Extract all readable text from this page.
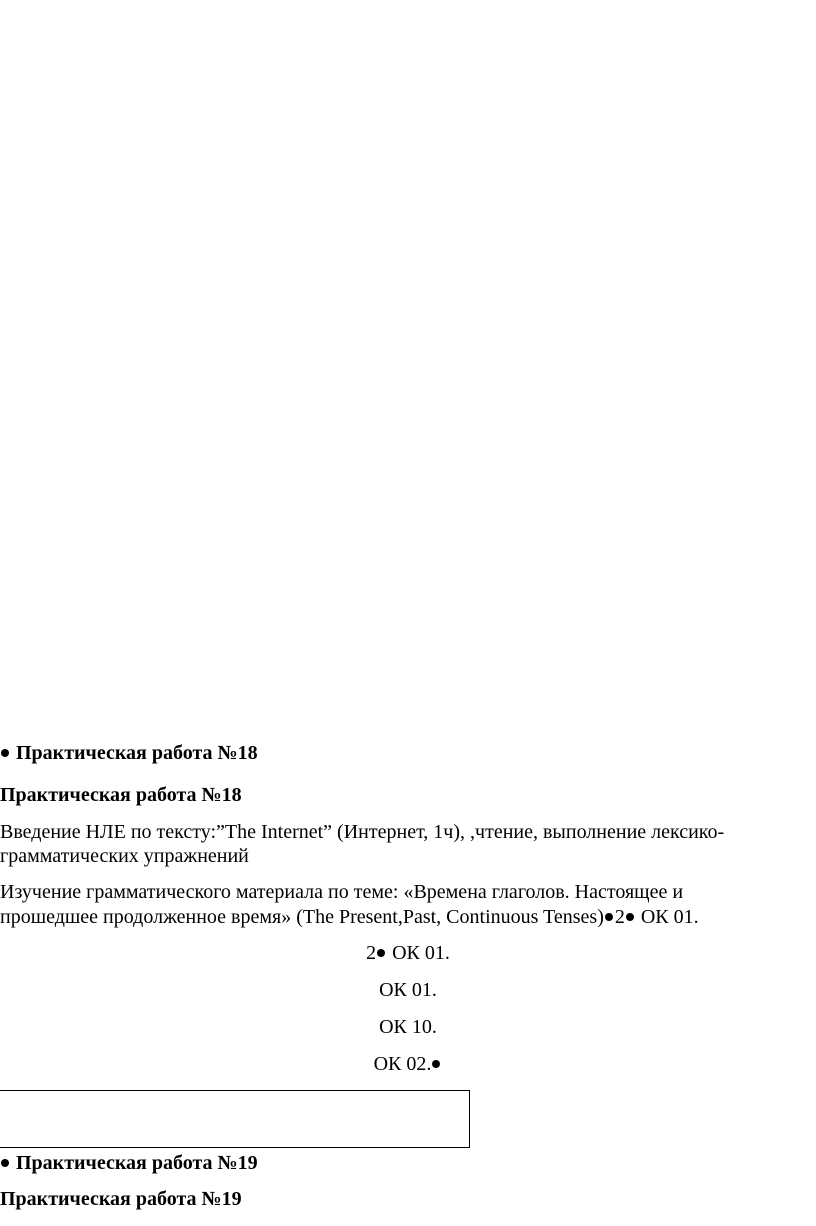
Практическая работа №18
Практическая работа №18
Введение НЛЕ по тексту:”The Internet” (Интернет, 1ч), ,чтение, выполнение лексико-
грамматических упражнений
Изучение грамматического материала по теме: «Времена глаголов. Настоящее и
прошедшее продолженное время» (The Present,Past, Continuous Tenses) 2 ОК 01.
2 ОК 01.
ОК 01.
ОК 10.
ОК 02.
Практическая работа №19
Практическая работа №19
